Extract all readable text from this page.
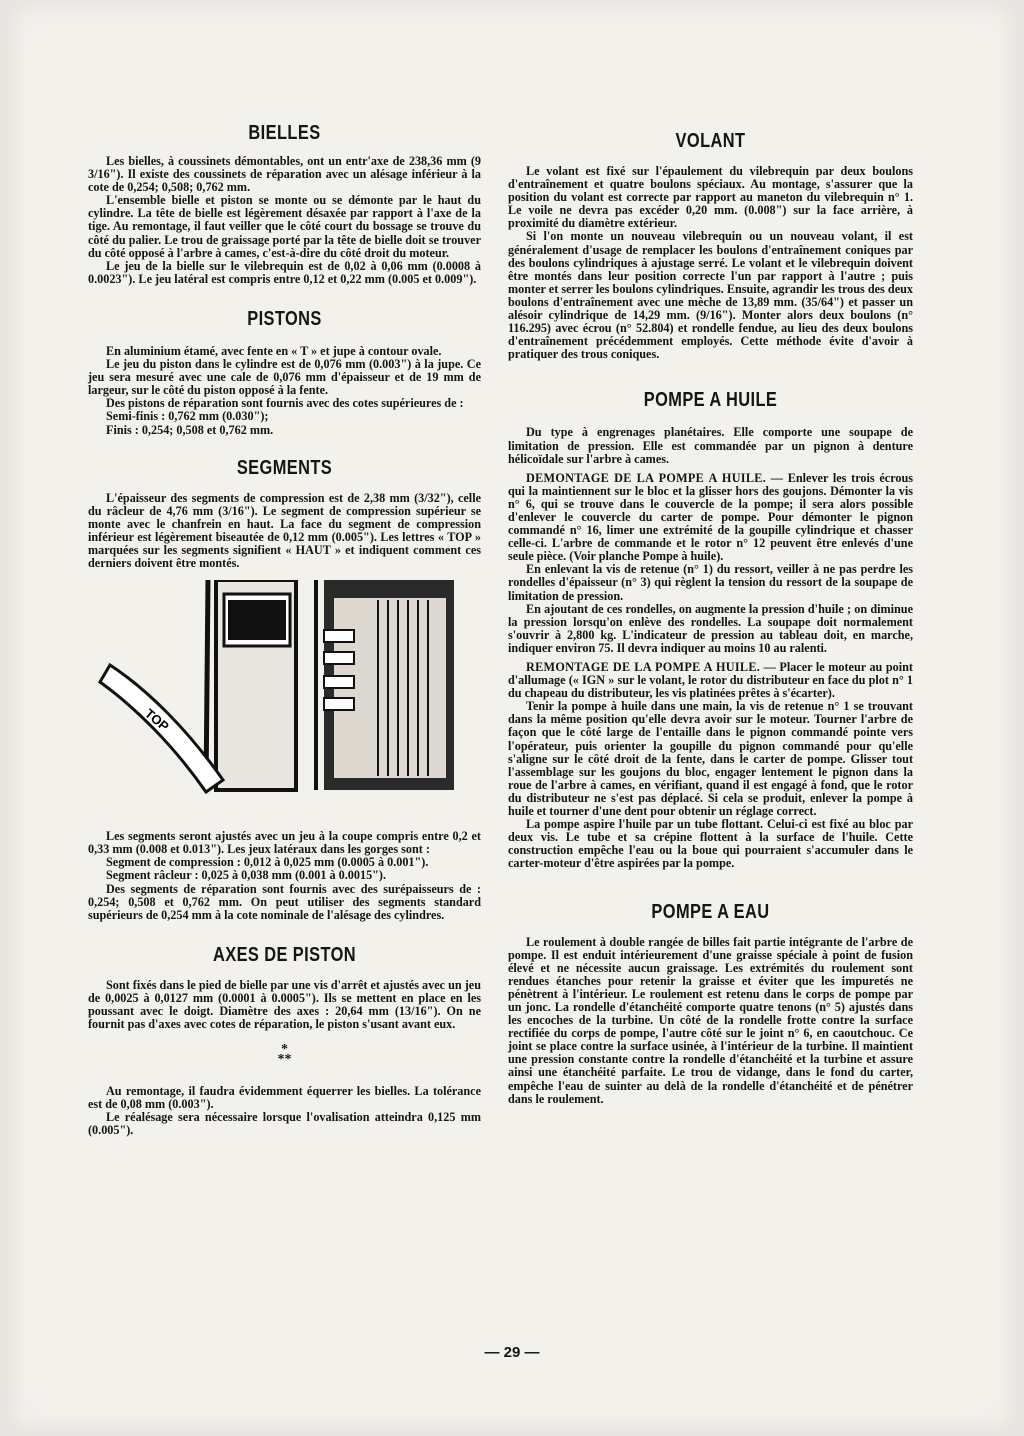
BIELLES

Les bielles, à coussinets démontables, ont un entr'axe de 238,36 mm (9 3/16"). Il existe des coussinets de réparation avec un alésage inférieur à la cote de 0,254; 0,508; 0,762 mm.

L'ensemble bielle et piston se monte ou se démonte par le haut du cylindre. La tête de bielle est légèrement désaxée par rapport à l'axe de la tige. Au remontage, il faut veiller que le côté court du bossage se trouve du côté du palier. Le trou de graissage porté par la tête de bielle doit se trouver du côté opposé à l'arbre à cames, c'est-à-dire du côté droit du moteur.

Le jeu de la bielle sur le vilebrequin est de 0,02 à 0,06 mm (0.0008 à 0.0023"). Le jeu latéral est compris entre 0,12 et 0,22 mm (0.005 et 0.009").

PISTONS

En aluminium étamé, avec fente en « T » et jupe à contour ovale.

Le jeu du piston dans le cylindre est de 0,076 mm (0.003") à la jupe. Ce jeu sera mesuré avec une cale de 0,076 mm d'épaisseur et de 19 mm de largeur, sur le côté du piston opposé à la fente.

Des pistons de réparation sont fournis avec des cotes supérieures de :

Semi-finis : 0,762 mm (0.030");

Finis : 0,254; 0,508 et 0,762 mm.

SEGMENTS

L'épaisseur des segments de compression est de 2,38 mm (3/32"), celle du râcleur de 4,76 mm (3/16"). Le segment de compression supérieur se monte avec le chanfrein en haut. La face du segment de compression inférieur est légèrement biseautée de 0,12 mm (0.005"). Les lettres « TOP » marquées sur les segments signifient « HAUT » et indiquent comment ces derniers doivent être montés.

TOP

Les segments seront ajustés avec un jeu à la coupe compris entre 0,2 et 0,33 mm (0.008 et 0.013"). Les jeux latéraux dans les gorges sont :

Segment de compression : 0,012 à 0,025 mm (0.0005 à 0.001").

Segment râcleur : 0,025 à 0,038 mm (0.001 à 0.0015").

Des segments de réparation sont fournis avec des surépaisseurs de : 0,254; 0,508 et 0,762 mm. On peut utiliser des segments standard supérieurs de 0,254 mm à la cote nominale de l'alésage des cylindres.

AXES DE PISTON

Sont fixés dans le pied de bielle par une vis d'arrêt et ajustés avec un jeu de 0,0025 à 0,0127 mm (0.0001 à 0.0005"). Ils se mettent en place en les poussant avec le doigt. Diamètre des axes : 20,64 mm (13/16"). On ne fournit pas d'axes avec cotes de réparation, le piston s'usant avant eux.

*
**

Au remontage, il faudra évidemment équerrer les bielles. La tolérance est de 0,08 mm (0.003").

Le réalésage sera nécessaire lorsque l'ovalisation atteindra 0,125 mm (0.005").

VOLANT

Le volant est fixé sur l'épaulement du vilebrequin par deux boulons d'entraînement et quatre boulons spéciaux. Au montage, s'assurer que la position du volant est correcte par rapport au maneton du vilebrequin n° 1. Le voile ne devra pas excéder 0,20 mm. (0.008") sur la face arrière, à proximité du diamètre extérieur.

Si l'on monte un nouveau vilebrequin ou un nouveau volant, il est généralement d'usage de remplacer les boulons d'entraînement coniques par des boulons cylindriques à ajustage serré. Le volant et le vilebrequin doivent être montés dans leur position correcte l'un par rapport à l'autre ; puis monter et serrer les boulons cylindriques. Ensuite, agrandir les trous des deux boulons d'entraînement avec une mèche de 13,89 mm. (35/64") et passer un alésoir cylindrique de 14,29 mm. (9/16"). Monter alors deux boulons (n° 116.295) avec écrou (n° 52.804) et rondelle fendue, au lieu des deux boulons d'entraînement précédemment employés. Cette méthode évite d'avoir à pratiquer des trous coniques.

POMPE A HUILE

Du type à engrenages planétaires. Elle comporte une soupape de limitation de pression. Elle est commandée par un pignon à denture hélicoïdale sur l'arbre à cames.

DEMONTAGE DE LA POMPE A HUILE. — Enlever les trois écrous qui la maintiennent sur le bloc et la glisser hors des goujons. Démonter la vis n° 6, qui se trouve dans le couvercle de la pompe; il sera alors possible d'enlever le couvercle du carter de pompe. Pour démonter le pignon commandé n° 16, limer une extrémité de la goupille cylindrique et chasser celle-ci. L'arbre de commande et le rotor n° 12 peuvent être enlevés d'une seule pièce. (Voir planche Pompe à huile).

En enlevant la vis de retenue (n° 1) du ressort, veiller à ne pas perdre les rondelles d'épaisseur (n° 3) qui règlent la tension du ressort de la soupape de limitation de pression.

En ajoutant de ces rondelles, on augmente la pression d'huile ; on diminue la pression lorsqu'on enlève des rondelles. La soupape doit normalement s'ouvrir à 2,800 kg. L'indicateur de pression au tableau doit, en marche, indiquer environ 75. Il devra indiquer au moins 10 au ralenti.

REMONTAGE DE LA POMPE A HUILE. — Placer le moteur au point d'allumage (« IGN » sur le volant, le rotor du distributeur en face du plot n° 1 du chapeau du distributeur, les vis platinées prêtes à s'écarter).

Tenir la pompe à huile dans une main, la vis de retenue n° 1 se trouvant dans la même position qu'elle devra avoir sur le moteur. Tourner l'arbre de façon que le côté large de l'entaille dans le pignon commandé pointe vers l'opérateur, puis orienter la goupille du pignon commandé pour qu'elle s'aligne sur le côté droit de la fente, dans le carter de pompe. Glisser tout l'assemblage sur les goujons du bloc, engager lentement le pignon dans la roue de l'arbre à cames, en vérifiant, quand il est engagé à fond, que le rotor du distributeur ne s'est pas déplacé. Si cela se produit, enlever la pompe à huile et tourner d'une dent pour obtenir un réglage correct.

La pompe aspire l'huile par un tube flottant. Celui-ci est fixé au bloc par deux vis. Le tube et sa crépine flottent à la surface de l'huile. Cette construction empêche l'eau ou la boue qui pourraient s'accumuler dans le carter-moteur d'être aspirées par la pompe.

POMPE A EAU

Le roulement à double rangée de billes fait partie intégrante de l'arbre de pompe. Il est enduit intérieurement d'une graisse spéciale à point de fusion élevé et ne nécessite aucun graissage. Les extrémités du roulement sont rendues étanches pour retenir la graisse et éviter que les impuretés ne pénètrent à l'intérieur. Le roulement est retenu dans le corps de pompe par un jonc. La rondelle d'étanchéité comporte quatre tenons (n° 5) ajustés dans les encoches de la turbine. Un côté de la rondelle frotte contre la surface rectifiée du corps de pompe, l'autre côté sur le joint n° 6, en caoutchouc. Ce joint se place contre la surface usinée, à l'intérieur de la turbine. Il maintient une pression constante contre la rondelle d'étanchéité et la turbine et assure ainsi une étanchéité parfaite. Le trou de vidange, dans le fond du carter, empêche l'eau de suinter au delà de la rondelle d'étanchéité et de pénétrer dans le roulement.

— 29 —
